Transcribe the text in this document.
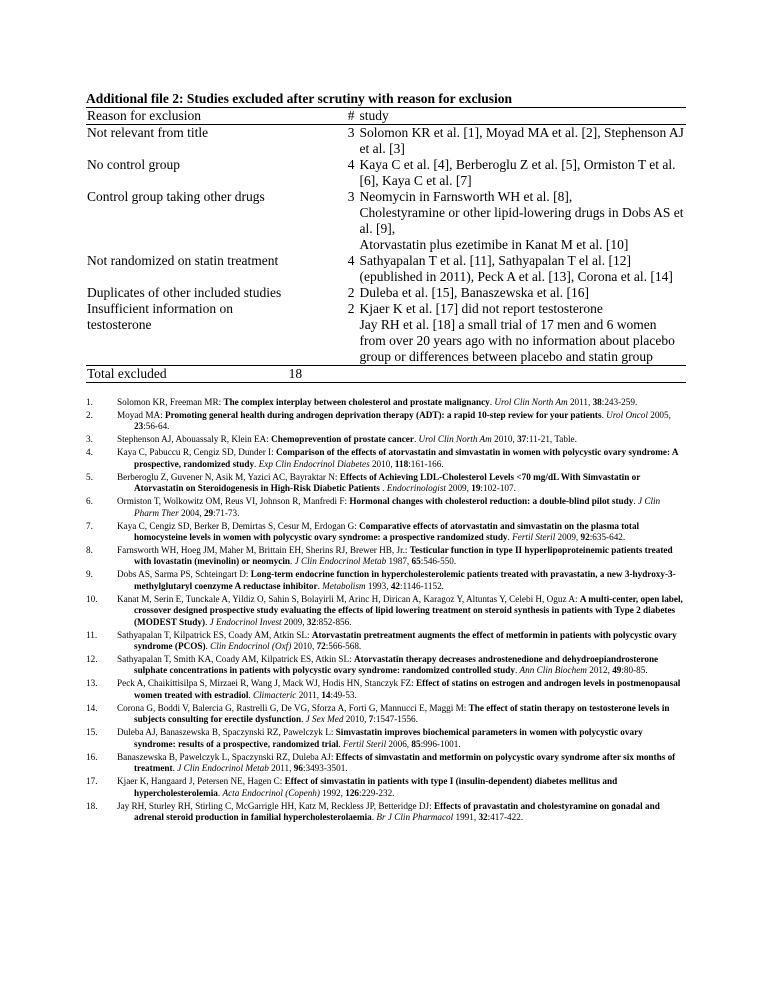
Additional file 2: Studies excluded after scrutiny with reason for exclusion

Reason for exclusion	#	study
Not relevant from title	3	Solomon KR et al. [1], Moyad MA et al. [2], Stephenson AJ et al. [3]
No control group	4	Kaya C et al. [4], Berberoglu Z et al. [5], Ormiston T et al. [6], Kaya C et al. [7]
Control group taking other drugs	3	Neomycin in Farnsworth WH et al. [8],
Cholestyramine or other lipid-lowering drugs in Dobs AS et al. [9],
Atorvastatin plus ezetimibe in Kanat M et al. [10]
Not randomized on statin treatment	4	Sathyapalan T et al. [11], Sathyapalan T el al. [12] (epublished in 2011), Peck A et al. [13], Corona et al. [14]
Duplicates of other included studies	2	Duleba et al. [15], Banaszewska et al. [16]
Insufficient information on testosterone	2	Kjaer K et al. [17] did not report testosterone
Jay RH et al. [18] a small trial of 17 men and 6 women from over 20 years ago with no information about placebo group or differences between placebo and statin group
Total excluded	18	
1.	Solomon KR, Freeman MR: The complex interplay between cholesterol and prostate malignancy. Urol Clin North Am 2011, 38:243-259.
2.	Moyad MA: Promoting general health during androgen deprivation therapy (ADT): a rapid 10-step review for your patients. Urol Oncol 2005, 23:56-64.
3.	Stephenson AJ, Abouassaly R, Klein EA: Chemoprevention of prostate cancer. Urol Clin North Am 2010, 37:11-21, Table.
4.	Kaya C, Pabuccu R, Cengiz SD, Dunder I: Comparison of the effects of atorvastatin and simvastatin in women with polycystic ovary syndrome: A prospective, randomized study. Exp Clin Endocrinol Diabetes 2010, 118:161-166.
5.	Berberoglu Z, Guvener N, Asik M, Yazici AC, Bayraktar N: Effects of Achieving LDL-Cholesterol Levels <70 mg/dL With Simvastatin or Atorvastatin on Steroidogenesis in High-Risk Diabetic Patients . Endocrinologist 2009, 19:102-107.
6.	Ormiston T, Wolkowitz OM, Reus VI, Johnson R, Manfredi F: Hormonal changes with cholesterol reduction: a double-blind pilot study. J Clin Pharm Ther 2004, 29:71-73.
7.	Kaya C, Cengiz SD, Berker B, Demirtas S, Cesur M, Erdogan G: Comparative effects of atorvastatin and simvastatin on the plasma total homocysteine levels in women with polycystic ovary syndrome: a prospective randomized study. Fertil Steril 2009, 92:635-642.
8.	Farnsworth WH, Hoeg JM, Maher M, Brittain EH, Sherins RJ, Brewer HB, Jr.: Testicular function in type II hyperlipoproteinemic patients treated with lovastatin (mevinolin) or neomycin. J Clin Endocrinol Metab 1987, 65:546-550.
9.	Dobs AS, Sarma PS, Schteingart D: Long-term endocrine function in hypercholesterolemic patients treated with pravastatin, a new 3-hydroxy-3-methylglutaryl coenzyme A reductase inhibitor. Metabolism 1993, 42:1146-1152.
10.	Kanat M, Serin E, Tunckale A, Yildiz O, Sahin S, Bolayirli M, Arinc H, Dirican A, Karagoz Y, Altuntas Y, Celebi H, Oguz A: A multi-center, open label, crossover designed prospective study evaluating the effects of lipid lowering treatment on steroid synthesis in patients with Type 2 diabetes (MODEST Study). J Endocrinol Invest 2009, 32:852-856.
11.	Sathyapalan T, Kilpatrick ES, Coady AM, Atkin SL: Atorvastatin pretreatment augments the effect of metformin in patients with polycystic ovary syndrome (PCOS). Clin Endocrinol (Oxf) 2010, 72:566-568.
12.	Sathyapalan T, Smith KA, Coady AM, Kilpatrick ES, Atkin SL: Atorvastatin therapy decreases androstenedione and dehydroepiandrosterone sulphate concentrations in patients with polycystic ovary syndrome: randomized controlled study. Ann Clin Biochem 2012, 49:80-85.
13.	Peck A, Chaikittisilpa S, Mirzaei R, Wang J, Mack WJ, Hodis HN, Stanczyk FZ: Effect of statins on estrogen and androgen levels in postmenopausal women treated with estradiol. Climacteric 2011, 14:49-53.
14.	Corona G, Boddi V, Balercia G, Rastrelli G, De VG, Sforza A, Forti G, Mannucci E, Maggi M: The effect of statin therapy on testosterone levels in subjects consulting for erectile dysfunction. J Sex Med 2010, 7:1547-1556.
15.	Duleba AJ, Banaszewska B, Spaczynski RZ, Pawelczyk L: Simvastatin improves biochemical parameters in women with polycystic ovary syndrome: results of a prospective, randomized trial. Fertil Steril 2006, 85:996-1001.
16.	Banaszewska B, Pawelczyk L, Spaczynski RZ, Duleba AJ: Effects of simvastatin and metformin on polycystic ovary syndrome after six months of treatment. J Clin Endocrinol Metab 2011, 96:3493-3501.
17.	Kjaer K, Hangaard J, Petersen NE, Hagen C: Effect of simvastatin in patients with type I (insulin-dependent) diabetes mellitus and hypercholesterolemia. Acta Endocrinol (Copenh) 1992, 126:229-232.
18.	Jay RH, Sturley RH, Stirling C, McGarrigle HH, Katz M, Reckless JP, Betteridge DJ: Effects of pravastatin and cholestyramine on gonadal and adrenal steroid production in familial hypercholesterolaemia. Br J Clin Pharmacol 1991, 32:417-422.
